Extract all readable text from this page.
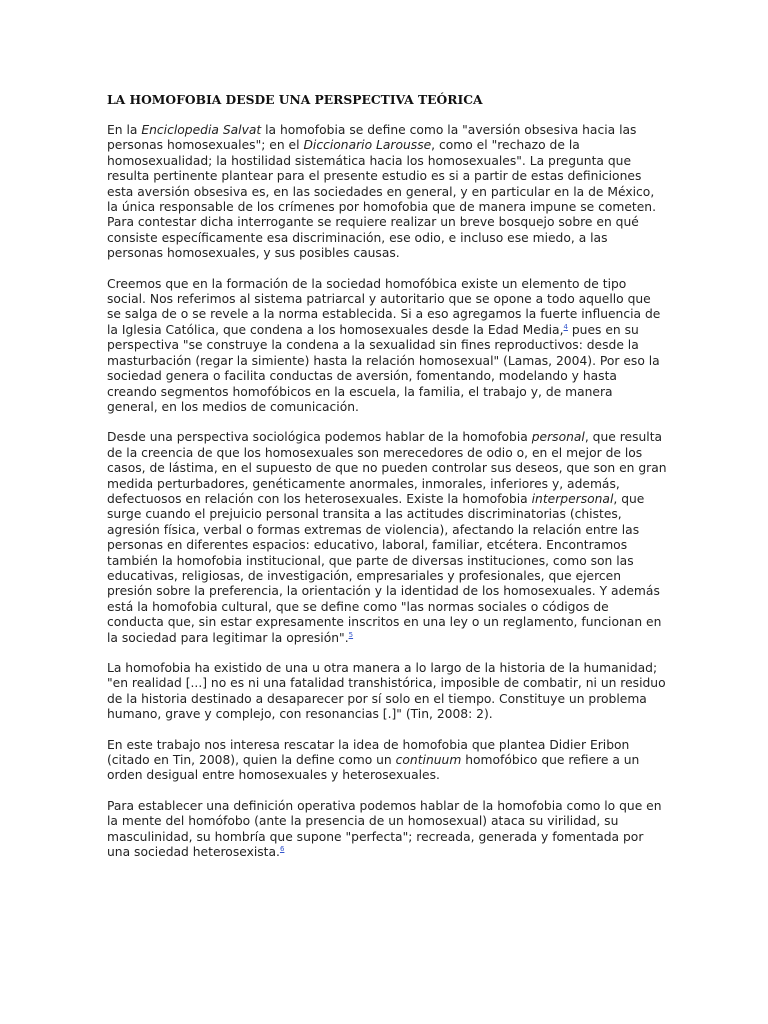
LA HOMOFOBIA DESDE UNA PERSPECTIVA TEÓRICA

En la Enciclopedia Salvat la homofobia se define como la "aversión obsesiva hacia las personas homosexuales"; en el Diccionario Larousse, como el "rechazo de la homosexualidad; la hostilidad sistemática hacia los homosexuales". La pregunta que resulta pertinente plantear para el presente estudio es si a partir de estas definiciones esta aversión obsesiva es, en las sociedades en general, y en particular en la de México, la única responsable de los crímenes por homofobia que de manera impune se cometen. Para contestar dicha interrogante se requiere realizar un breve bosquejo sobre en qué consiste específicamente esa discriminación, ese odio, e incluso ese miedo, a las personas homosexuales, y sus posibles causas.

Creemos que en la formación de la sociedad homofóbica existe un elemento de tipo social. Nos referimos al sistema patriarcal y autoritario que se opone a todo aquello que se salga de o se revele a la norma establecida. Si a eso agregamos la fuerte influencia de la Iglesia Católica, que condena a los homosexuales desde la Edad Media,$^4$ pues en su perspectiva "se construye la condena a la sexualidad sin fines reproductivos: desde la masturbación (regar la simiente) hasta la relación homosexual" (Lamas, 2004). Por eso la sociedad genera o facilita conductas de aversión, fomentando, modelando y hasta creando segmentos homofóbicos en la escuela, la familia, el trabajo y, de manera general, en los medios de comunicación.

Desde una perspectiva sociológica podemos hablar de la homofobia personal, que resulta de la creencia de que los homosexuales son merecedores de odio o, en el mejor de los casos, de lástima, en el supuesto de que no pueden controlar sus deseos, que son en gran medida perturbadores, genéticamente anormales, inmorales, inferiores y, además, defectuosos en relación con los heterosexuales. Existe la homofobia interpersonal, que surge cuando el prejuicio personal transita a las actitudes discriminatorias (chistes, agresión física, verbal o formas extremas de violencia), afectando la relación entre las personas en diferentes espacios: educativo, laboral, familiar, etcétera. Encontramos también la homofobia institucional, que parte de diversas instituciones, como son las educativas, religiosas, de investigación, empresariales y profesionales, que ejercen presión sobre la preferencia, la orientación y la identidad de los homosexuales. Y además está la homofobia cultural, que se define como "las normas sociales o códigos de conducta que, sin estar expresamente inscritos en una ley o un reglamento, funcionan en la sociedad para legitimar la opresión".$^5$

La homofobia ha existido de una u otra manera a lo largo de la historia de la humanidad; "en realidad [...] no es ni una fatalidad transhistórica, imposible de combatir, ni un residuo de la historia destinado a desaparecer por sí solo en el tiempo. Constituye un problema humano, grave y complejo, con resonancias [.]" (Tin, 2008: 2).

En este trabajo nos interesa rescatar la idea de homofobia que plantea Didier Eribon (citado en Tin, 2008), quien la define como un continuum homofóbico que refiere a un orden desigual entre homosexuales y heterosexuales.

Para establecer una definición operativa podemos hablar de la homofobia como lo que en la mente del homófobo (ante la presencia de un homosexual) ataca su virilidad, su masculinidad, su hombría que supone "perfecta"; recreada, generada y fomentada por una sociedad heterosexista.$^6$
